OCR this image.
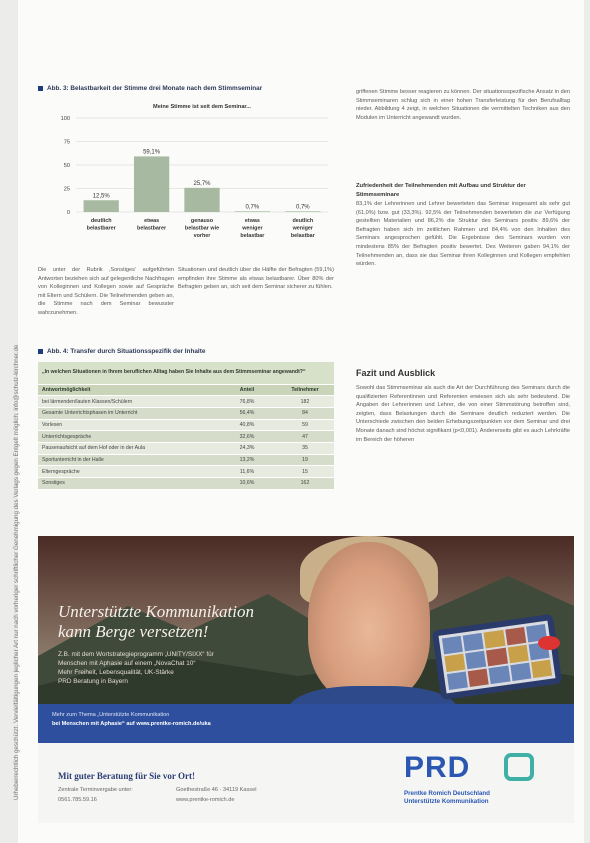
Urheberrechtlich geschützt. Vervielfältigungen jeglicher Art nur nach vorheriger schriftlicher Genehmigung des Verlags gegen Entgelt möglich; info@schulz-kirchner.de
Abb. 3: Belastbarkeit der Stimme drei Monate nach dem Stimmseminar
Meine Stimme ist seit dem Seminar...
100
75
50
25
0
12,5%
deutlich
belastbarer
59,1%
etwas
belastbarer
25,7%
genauso
belastbar wie
vorher
0,7%
etwas
weniger
belastbar
0,7%
deutlich
weniger
belastbar
Die unter der Rubrik ‚Sonstiges‘ aufgeführten Antworten beziehen sich auf gelegentliche Nachfragen von Kolleginnen und Kollegen sowie auf Gespräche mit Eltern und Schülern. Die Teilnehmenden geben an, die Stimme nach dem Seminar bewusster wahrzunehmen.
Situationen und deutlich über die Hälfte der Befragten (59,1%) empfinden ihre Stimme als etwas belastbarer. Über 80% der Befragten geben an, sich seit dem Seminar sicherer zu fühlen.
Abb. 4: Transfer durch Situationsspezifik der Inhalte
„In welchen Situationen in Ihrem beruflichen Alltag haben Sie Inhalte aus dem Stimmseminar angewandt?“		
Antwortmöglichkeit	Anteil	Teilnehmer
bei lärmenden/lauten Klassen/Schülern	76,8%	182
Gesamte Unterrichtsphasen im Unterricht	56,4%	84
Vorlesen	40,8%	59
Unterrichtsgespräche	32,6%	47
Pausenaufsicht auf dem Hof oder in der Aula	24,3%	35
Sportunterricht in der Halle	13,2%	19
Elterngespräche	11,6%	15
Sonstiges	10,6%	162
griffenen Stimme besser reagieren zu können. Der situationsspezifische Ansatz in den Stimmseminaren schlug sich in einer hohen Transferleistung für den Berufsalltag nieder. Abbildung 4 zeigt, in welchen Situationen die vermittelten Techniken aus den Modulen im Unterricht angewandt wurden.
Zufriedenheit der Teilnehmenden mit Aufbau und Struktur der Stimmseminare
83,1% der Lehrerinnen und Lehrer bewerteten das Seminar insgesamt als sehr gut (61,0%) bzw. gut (33,3%). 92,5% der Teilnehmenden bewerteten die zur Verfügung gestellten Materialien und 86,2% die Struktur des Seminars positiv. 89,6% der Befragten haben sich im zeitlichen Rahmen und 84,4% von den Inhalten des Seminars angesprochen gefühlt. Die Ergebnisse des Seminars wurden von mindestens 85% der Befragten positiv bewertet. Des Weiteren gaben 94,1% der Teilnehmenden an, dass sie das Seminar ihren Kolleginnen und Kollegen empfehlen würden.
Fazit und Ausblick
Sowohl das Stimmseminar als auch die Art der Durchführung des Seminars durch die qualifizierten Referentinnen und Referenten erwiesen sich als sehr bedeutend. Die Angaben der Lehrerinnen und Lehrer, die von einer Stimmstörung betroffen sind, zeigten, dass Belastungen durch die Seminare deutlich reduziert werden. Die Unterschiede zwischen den beiden Erhebungszeitpunkten vor dem Seminar und drei Monate danach sind höchst signifikant (p<0,001). Andererseits gibt es auch Lehrkräfte im Bereich der höheren
Unterstützte Kommunikation
kann Berge versetzen!
Z.B. mit dem Wortstrategieprogramm „UNITY/SIXX“ für
Menschen mit Aphasie auf einem „NovaChat 10“
Mehr Freiheit, Lebensqualität, UK-Stärke
PRD Beratung in Bayern
Mehr zum Thema „Unterstützte Kommunikation
bei Menschen mit Aphasie“ auf www.prentke-romich.de/uka
Mit guter Beratung für Sie vor Ort!
Zentrale Terminvergabe unter:
0561.785.59.16
Goethestraße 46 · 34119 Kassel
www.prentke-romich.de
PRD
Prentke Romich Deutschland
Unterstützte Kommunikation
